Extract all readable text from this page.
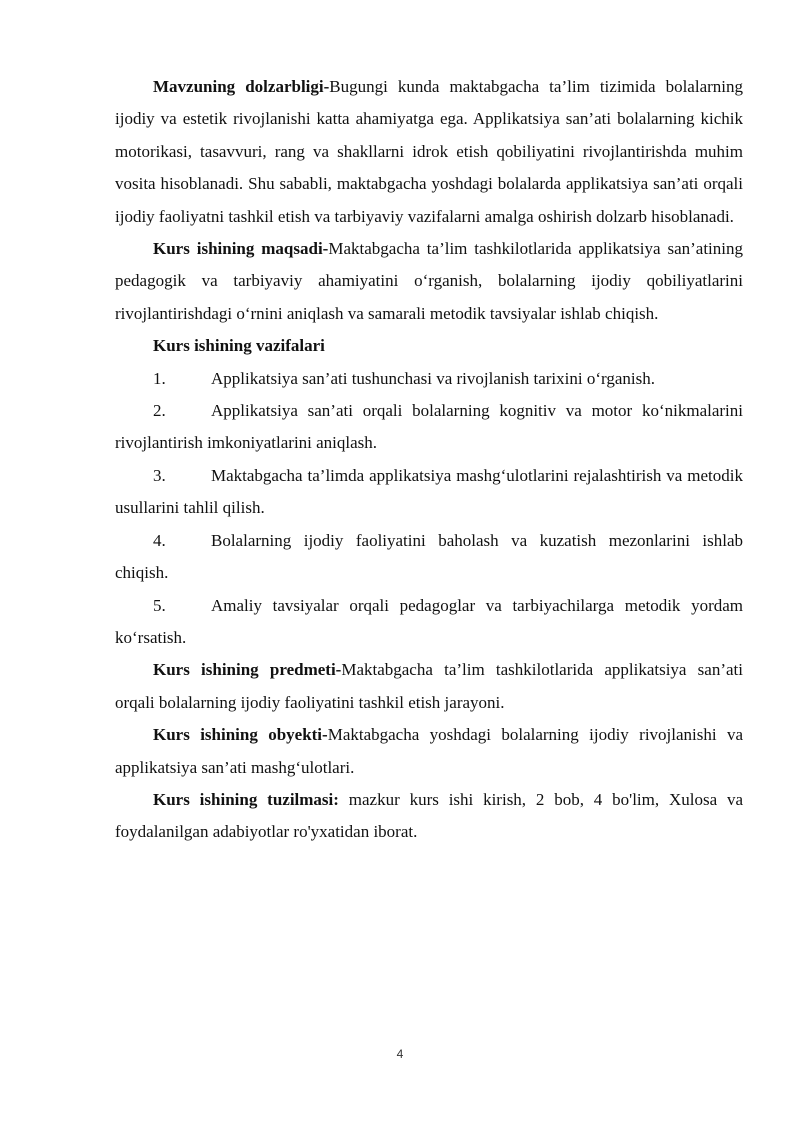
Mavzuning dolzarbligi-Bugungi kunda maktabgacha ta’lim tizimida bolalarning ijodiy va estetik rivojlanishi katta ahamiyatga ega. Applikatsiya san’ati bolalarning kichik motorikasi, tasavvuri, rang va shakllarni idrok etish qobiliyatini rivojlantirishda muhim vosita hisoblanadi. Shu sababli, maktabgacha yoshdagi bolalarda applikatsiya san’ati orqali ijodiy faoliyatni tashkil etish va tarbiyaviy vazifalarni amalga oshirish dolzarb hisoblanadi.

Kurs ishining maqsadi-Maktabgacha ta’lim tashkilotlarida applikatsiya san’atining pedagogik va tarbiyaviy ahamiyatini o‘rganish, bolalarning ijodiy qobiliyatlarini rivojlantirishdagi o‘rnini aniqlash va samarali metodik tavsiyalar ishlab chiqish.

Kurs ishining vazifalari

1.	Applikatsiya san’ati tushunchasi va rivojlanish tarixini o‘rganish.

2.	Applikatsiya san’ati orqali bolalarning kognitiv va motor ko‘nikmalarini rivojlantirish imkoniyatlarini aniqlash.

3.	Maktabgacha ta’limda applikatsiya mashg‘ulotlarini rejalashtirish va metodik usullarini tahlil qilish.

4.	Bolalarning ijodiy faoliyatini baholash va kuzatish mezonlarini ishlab chiqish.

5.	Amaliy tavsiyalar orqali pedagoglar va tarbiyachilarga metodik yordam ko‘rsatish.

Kurs ishining predmeti-Maktabgacha ta’lim tashkilotlarida applikatsiya san’ati orqali bolalarning ijodiy faoliyatini tashkil etish jarayoni.

Kurs ishining obyekti-Maktabgacha yoshdagi bolalarning ijodiy rivojlanishi va applikatsiya san’ati mashg‘ulotlari.

Kurs ishining tuzilmasi: mazkur kurs ishi kirish, 2 bob, 4 bo'lim, Xulosa va foydalanilgan adabiyotlar ro'yxatidan iborat.

4
